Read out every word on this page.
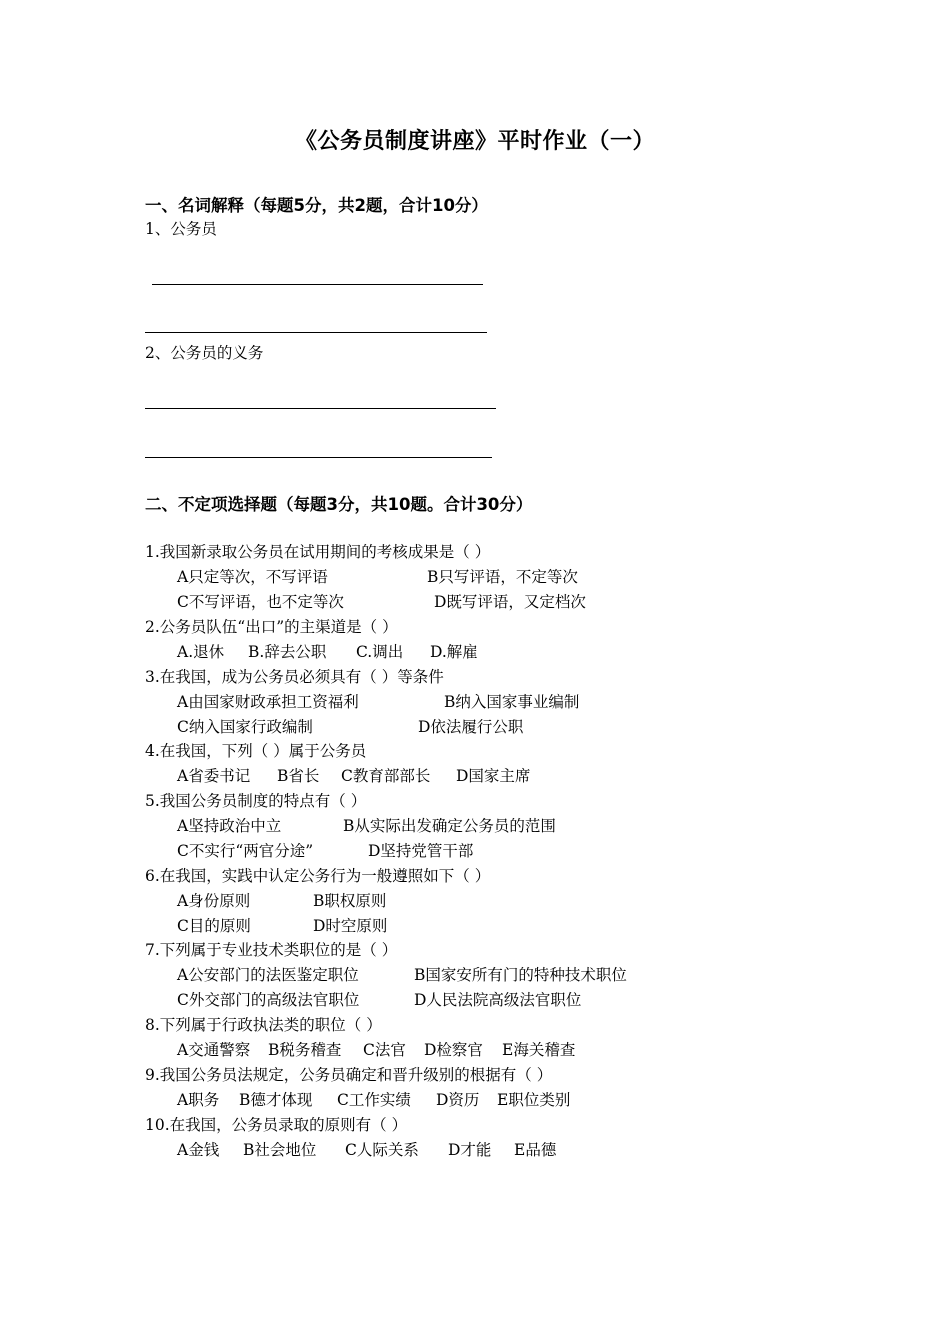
《公务员制度讲座》平时作业（一）
一、名词解释（每题5分，共2题，合计10分）
1、公务员
2、公务员的义务
二、不定项选择题（每题3分，共10题。合计30分）
1.我国新录取公务员在试用期间的考核成果是（ ）
A只定等次，不写评语	B只写评语，不定等次
C不写评语，也不定等次	D既写评语，又定档次
2.公务员队伍“出口”的主渠道是（ ）
A.退休 B.辞去公职 C.调出 D.解雇
3.在我国，成为公务员必须具有（ ）等条件
A由国家财政承担工资福利	B纳入国家事业编制
C纳入国家行政编制	D依法履行公职
4.在我国，下列（ ）属于公务员
A省委书记 B省长 C教育部部长 D国家主席
5.我国公务员制度的特点有（ ）
A坚持政治中立	B从实际出发确定公务员的范围
C不实行“两官分途”	D坚持党管干部
6.在我国，实践中认定公务行为一般遵照如下（ ）
A身份原则	B职权原则
C目的原则	D时空原则
7.下列属于专业技术类职位的是（ ）
A公安部门的法医鉴定职位	B国家安所有门的特种技术职位
C外交部门的高级法官职位	D人民法院高级法官职位
8.下列属于行政执法类的职位（ ）
A交通警察 B税务稽查 C法官 D检察官 E海关稽查
9.我国公务员法规定，公务员确定和晋升级别的根据有（ ）
A职务 B德才体现 C工作实绩 D资历 E职位类别
10.在我国，公务员录取的原则有（ ）
A金钱 B社会地位 C人际关系 D才能 E品德
